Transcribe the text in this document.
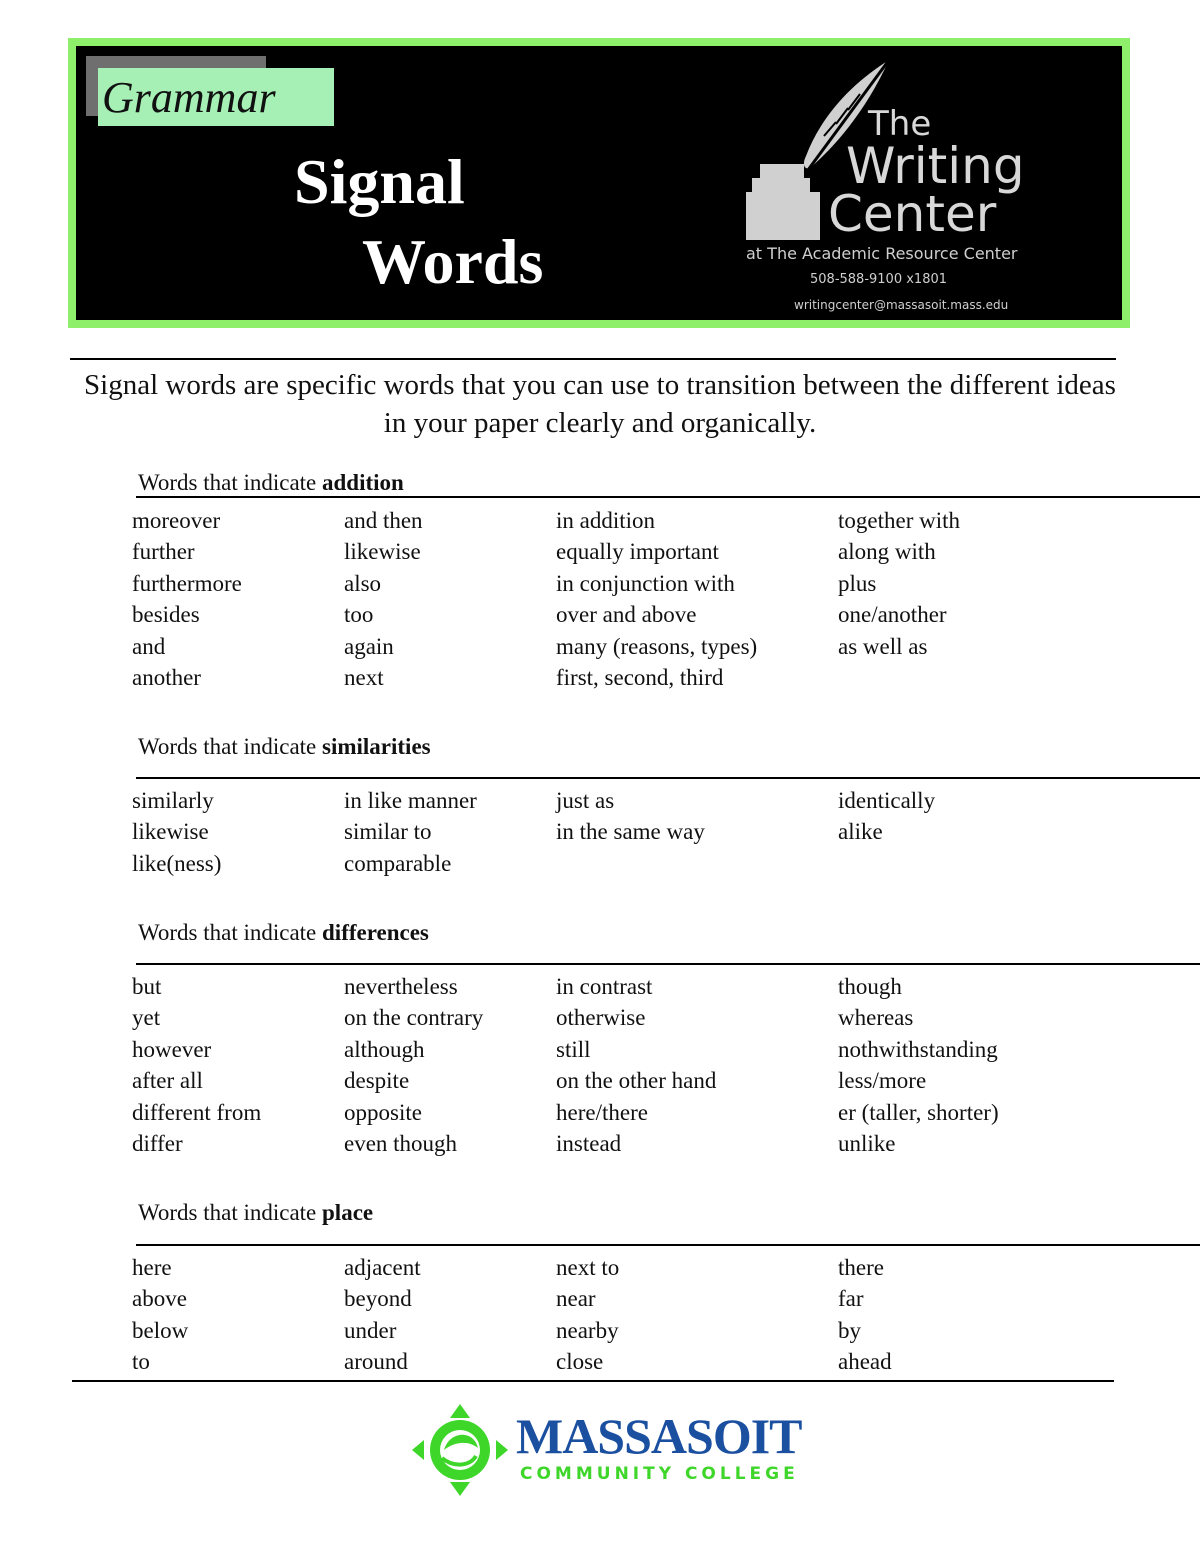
Grammar
Signal
Words
The
Writing
Center
at The Academic Resource Center
508-588-9100 x1801
writingcenter@massasoit.mass.edu
Signal words are specific words that you can use to transition between the different ideas in your paper clearly and organically.
Words that indicate addition
moreover
further
furthermore
besides
and
another
and then
likewise
also
too
again
next
in addition
equally important
in conjunction with
over and above
many (reasons, types)
first, second, third
together with
along with
plus
one/another
as well as
Words that indicate similarities
similarly
likewise
like(ness)
in like manner
similar to
comparable
just as
in the same way
identically
alike
Words that indicate differences
but
yet
however
after all
different from
differ
nevertheless
on the contrary
although
despite
opposite
even though
in contrast
otherwise
still
on the other hand
here/there
instead
though
whereas
nothwithstanding
less/more
er (taller, shorter)
unlike
Words that indicate place
here
above
below
to
adjacent
beyond
under
around
next to
near
nearby
close
there
far
by
ahead
MASSASOIT
COMMUNITY COLLEGE
